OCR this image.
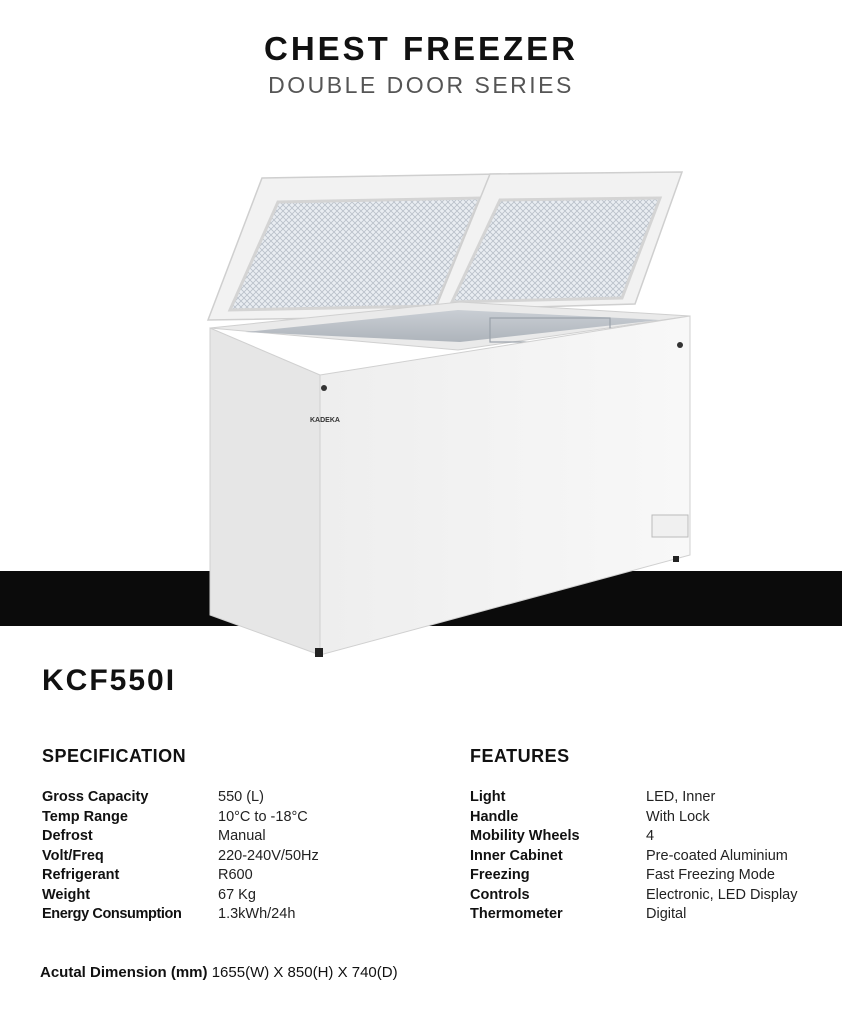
CHEST FREEZER
DOUBLE DOOR SERIES
KADEKA
KCF550I
SPECIFICATION
Gross Capacity	550 (L)
Temp Range	10°C to -18°C
Defrost	Manual
Volt/Freq	220-240V/50Hz
Refrigerant	R600
Weight	67 Kg
Energy Consumption	1.3kWh/24h
FEATURES
Light	LED, Inner
Handle	With Lock
Mobility Wheels	4
Inner Cabinet	Pre-coated Aluminium
Freezing	Fast Freezing Mode
Controls	Electronic, LED Display
Thermometer	Digital
Acutal Dimension (mm) 1655(W) X 850(H) X 740(D)
